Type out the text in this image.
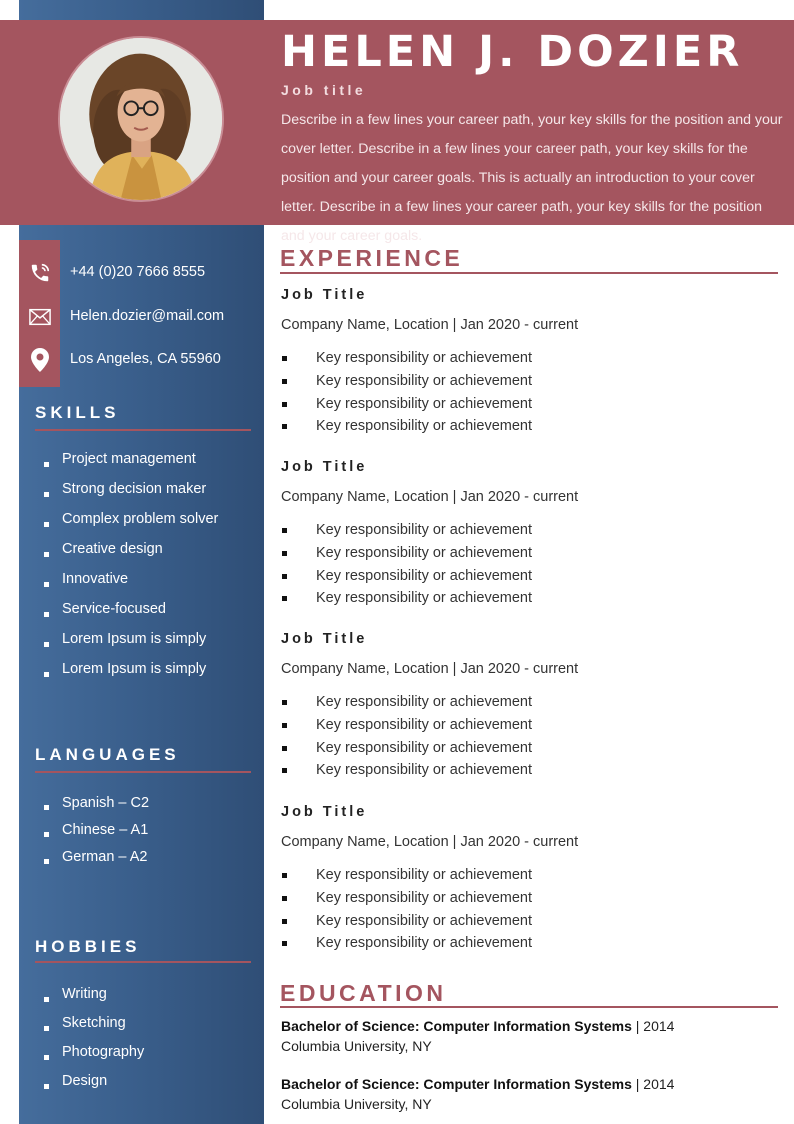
HELEN J. DOZIER
Job title

Describe in a few lines your career path, your key skills for the position and your cover letter. Describe in a few lines your career path, your key skills for the position and your career goals. This is actually an introduction to your cover letter. Describe in a few lines your career path, your key skills for the position and your career goals.

+44 (0)20 7666 8555
Helen.dozier@mail.com
Los Angeles, CA 55960
SKILLS
Project management
Strong decision maker
Complex problem solver
Creative design
Innovative
Service-focused
Lorem Ipsum is simply
Lorem Ipsum is simply
LANGUAGES
Spanish – C2
Chinese – A1
German – A2
HOBBIES
Writing
Sketching
Photography
Design
EXPERIENCE
Job Title

Company Name, Location | Jan 2020 - current

Key responsibility or achievement
Key responsibility or achievement
Key responsibility or achievement
Key responsibility or achievement
Job Title

Company Name, Location | Jan 2020 - current

Key responsibility or achievement
Key responsibility or achievement
Key responsibility or achievement
Key responsibility or achievement
Job Title

Company Name, Location | Jan 2020 - current

Key responsibility or achievement
Key responsibility or achievement
Key responsibility or achievement
Key responsibility or achievement
Job Title

Company Name, Location | Jan 2020 - current

Key responsibility or achievement
Key responsibility or achievement
Key responsibility or achievement
Key responsibility or achievement
EDUCATION
Bachelor of Science: Computer Information Systems | 2014
Columbia University, NY
Bachelor of Science: Computer Information Systems | 2014
Columbia University, NY
